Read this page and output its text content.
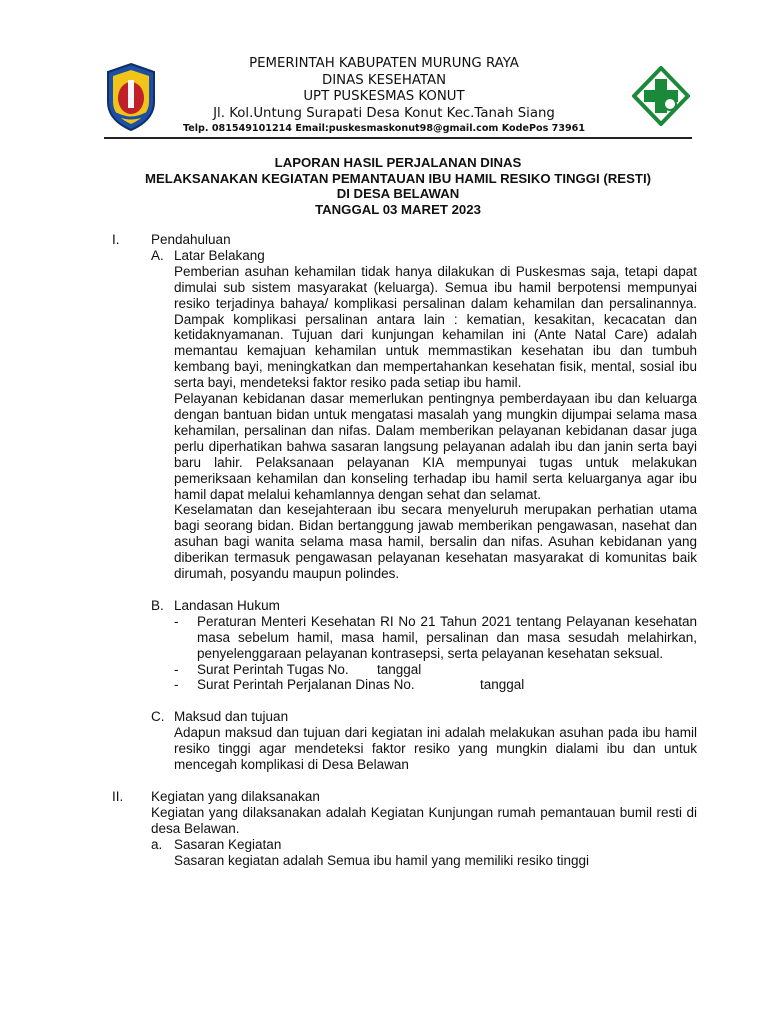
PEMERINTAH KABUPATEN MURUNG RAYA
DINAS KESEHATAN
UPT PUSKESMAS KONUT
Jl. Kol.Untung Surapati Desa Konut Kec.Tanah Siang
Telp. 081549101214 Email:puskesmaskonut98@gmail.com KodePos 73961
LAPORAN HASIL PERJALANAN DINAS
MELAKSANAKAN KEGIATAN PEMANTAUAN IBU HAMIL RESIKO TINGGI (RESTI)
DI DESA BELAWAN
TANGGAL 03 MARET 2023
I.	Pendahuluan
A. Latar Belakang

Pemberian asuhan kehamilan tidak hanya dilakukan di Puskesmas saja, tetapi dapat dimulai sub sistem masyarakat (keluarga). Semua ibu hamil berpotensi mempunyai resiko terjadinya bahaya/ komplikasi persalinan dalam kehamilan dan persalinannya. Dampak komplikasi persalinan antara lain : kematian, kesakitan, kecacatan dan ketidaknyamanan. Tujuan dari kunjungan kehamilan ini (Ante Natal Care) adalah memantau kemajuan kehamilan untuk memmastikan kesehatan ibu dan tumbuh kembang bayi, meningkatkan dan mempertahankan kesehatan fisik, mental, sosial ibu serta bayi, mendeteksi faktor resiko pada setiap ibu hamil.

Pelayanan kebidanan dasar memerlukan pentingnya pemberdayaan ibu dan keluarga dengan bantuan bidan untuk mengatasi masalah yang mungkin dijumpai selama masa kehamilan, persalinan dan nifas. Dalam memberikan pelayanan kebidanan dasar juga perlu diperhatikan bahwa sasaran langsung pelayanan adalah ibu dan janin serta bayi baru lahir. Pelaksanaan pelayanan KIA mempunyai tugas untuk melakukan pemeriksaan kehamilan dan konseling terhadap ibu hamil serta keluarganya agar ibu hamil dapat melalui kehamlannya dengan sehat dan selamat.

Keselamatan dan kesejahteraan ibu secara menyeluruh merupakan perhatian utama bagi seorang bidan. Bidan bertanggung jawab memberikan pengawasan, nasehat dan asuhan bagi wanita selama masa hamil, bersalin dan nifas. Asuhan kebidanan yang diberikan termasuk pengawasan pelayanan kesehatan masyarakat di komunitas baik dirumah, posyandu maupun polindes.

B. Landasan Hukum
-	Peraturan Menteri Kesehatan RI No 21 Tahun 2021 tentang Pelayanan kesehatan masa sebelum hamil, masa hamil, persalinan dan masa sesudah melahirkan, penyelenggaraan pelayanan kontrasepsi, serta pelayanan kesehatan seksual.
-	Surat Perintah Tugas No.	tanggal
-	Surat Perintah Perjalanan Dinas No.	tanggal
C. Maksud dan tujuan

Adapun maksud dan tujuan dari kegiatan ini adalah melakukan asuhan pada ibu hamil resiko tinggi agar mendeteksi faktor resiko yang mungkin dialami ibu dan untuk mencegah komplikasi di Desa Belawan

II.	Kegiatan yang dilaksanakan

Kegiatan yang dilaksanakan adalah Kegiatan Kunjungan rumah pemantauan bumil resti di desa Belawan.

a. Sasaran Kegiatan

Sasaran kegiatan adalah Semua ibu hamil yang memiliki resiko tinggi
